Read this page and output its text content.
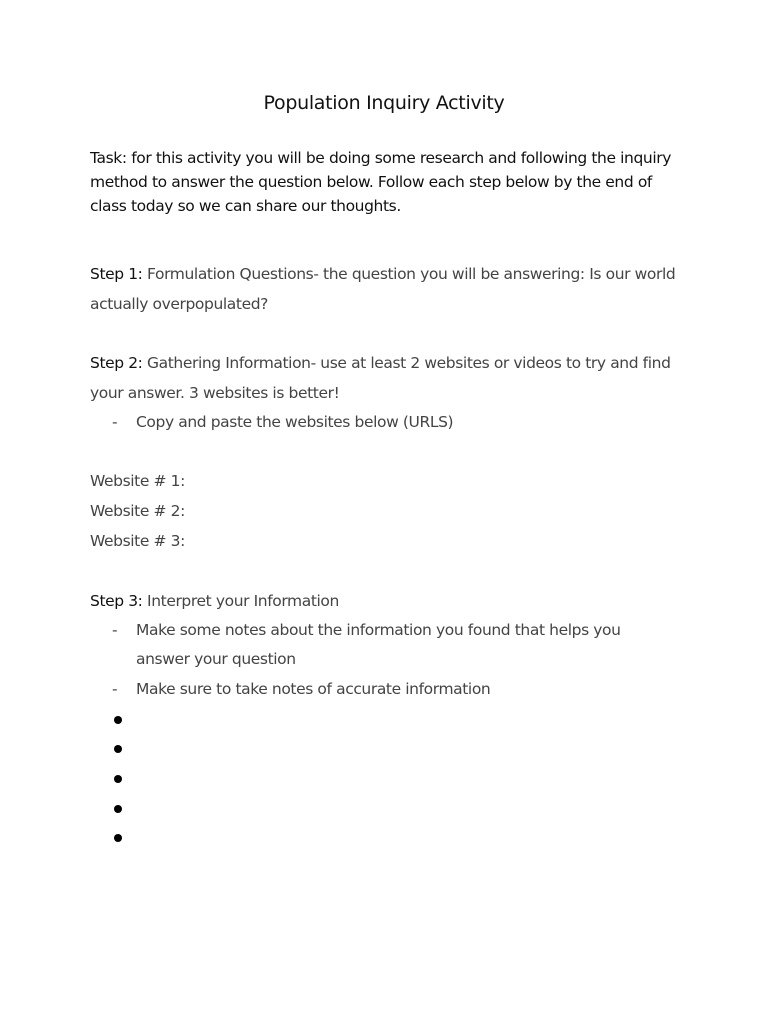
Population Inquiry Activity
Task: for this activity you will be doing some research and following the inquiry method to answer the question below. Follow each step below by the end of class today so we can share our thoughts.
Step 1: Formulation Questions- the question you will be answering: Is our world actually overpopulated?
Step 2: Gathering Information- use at least 2 websites or videos to try and find your answer. 3 websites is better!
- Copy and paste the websites below (URLS)
Website # 1:
Website # 2:
Website # 3:
Step 3: Interpret your Information
- Make some notes about the information you found that helps you answer your question
- Make sure to take notes of accurate information
